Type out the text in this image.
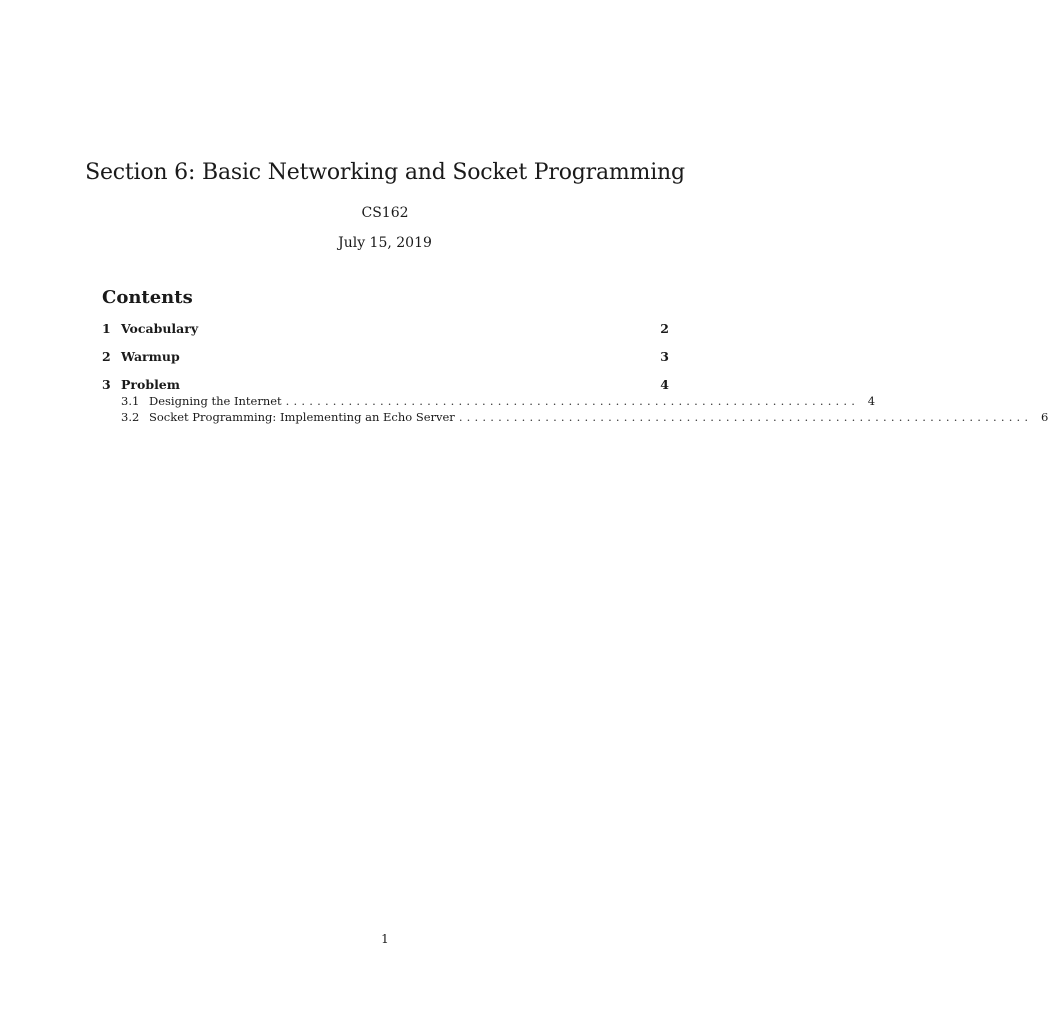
Section 6: Basic Networking and Socket Programming
CS162
July 15, 2019
Contents
1 Vocabulary	2
2 Warmup	3
3 Problem	4
3.1 Designing the Internet ......................................................................... 4
3.2 Socket Programming: Implementing an Echo Server ......................................................................... 6
1
